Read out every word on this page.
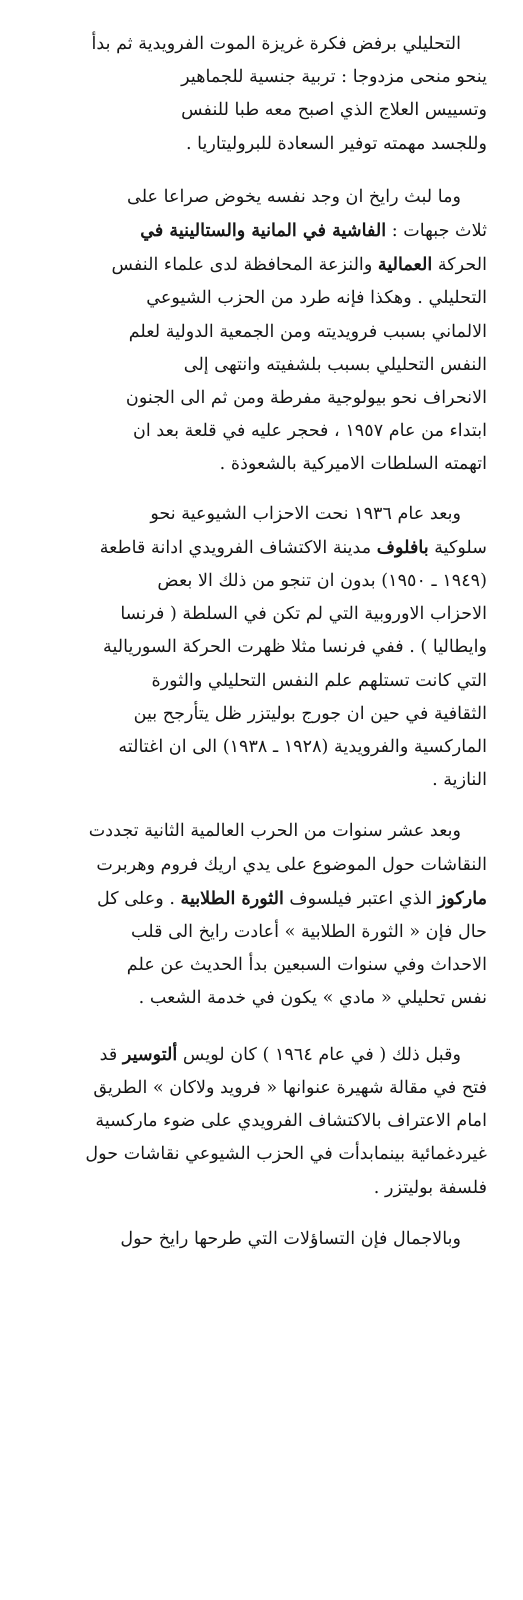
التحليلي برفض فكرة غريزة الموت الفرويدية ثم بدأ
ينحو منحى مزدوجا : تربية جنسية للجماهير
وتسييس العلاج الذي اصبح معه طبا للنفس
وللجسد مهمته توفير السعادة للبروليتاريا .
وما لبث رايخ ان وجد نفسه يخوض صراعا على
ثلاث جبهات : الفاشية في المانية والستالينية في
الحركة العمالية والنزعة المحافظة لدى علماء النفس
التحليلي . وهكذا فإنه طرد من الحزب الشيوعي
الالماني بسبب فرويديته ومن الجمعية الدولية لعلم
النفس التحليلي بسبب بلشفيته وانتهى إلى
الانحراف نحو بيولوجية مفرطة ومن ثم الى الجنون
ابتداء من عام ١٩٥٧ ، فحجر عليه في قلعة بعد ان
اتهمته السلطات الاميركية بالشعوذة .
وبعد عام ١٩٣٦ نحت الاحزاب الشيوعية نحو
سلوكية بافلوف مدينة الاكتشاف الفرويدي ادانة قاطعة
(١٩٤٩ ـ ١٩٥٠) بدون ان تنجو من ذلك الا بعض
الاحزاب الاوروبية التي لم تكن في السلطة ( فرنسا
وايطاليا ) . ففي فرنسا مثلا ظهرت الحركة السوريالية
التي كانت تستلهم علم النفس التحليلي والثورة
الثقافية في حين ان جورج بوليتزر ظل يتأرجح بين
الماركسية والفرويدية (١٩٢٨ ـ ١٩٣٨) الى ان اغتالته
النازية .
وبعد عشر سنوات من الحرب العالمية الثانية تجددت
النقاشات حول الموضوع على يدي اريك فروم وهربرت
ماركوز الذي اعتبر فيلسوف الثورة الطلابية . وعلى كل
حال فإن « الثورة الطلابية » أعادت رايخ الى قلب
الاحداث وفي سنوات السبعين بدأ الحديث عن علم
نفس تحليلي « مادي » يكون في خدمة الشعب .
وقبل ذلك ( في عام ١٩٦٤ ) كان لويس ألتوسير قد
فتح في مقالة شهيرة عنوانها « فرويد ولاكان » الطريق
امام الاعتراف بالاكتشاف الفرويدي على ضوء ماركسية
غيردغمائية بينمابدأت في الحزب الشيوعي نقاشات حول
فلسفة بوليتزر .
وبالاجمال فإن التساؤلات التي طرحها رايخ حول
